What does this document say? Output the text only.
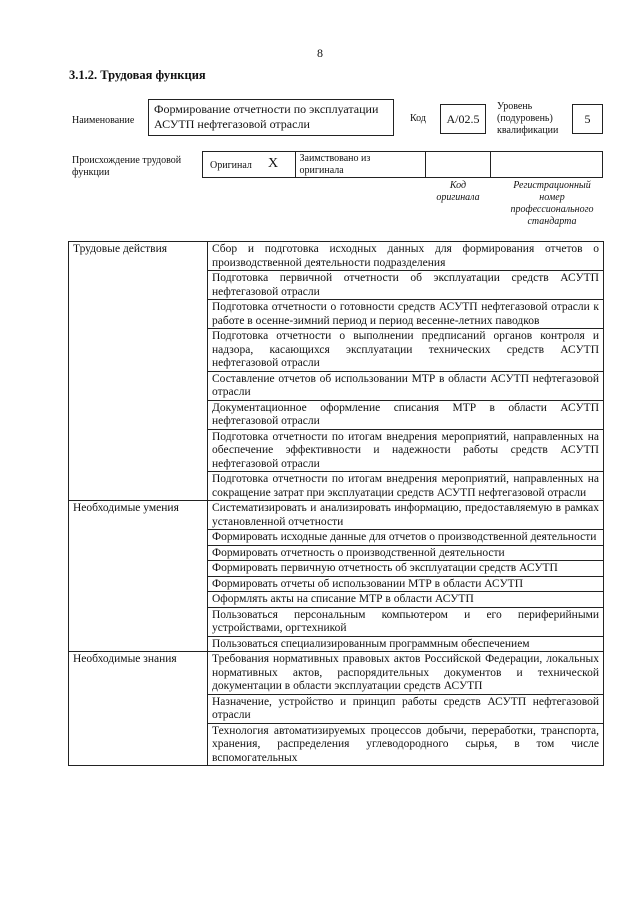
8
3.1.2. Трудовая функция
Наименование
Формирование отчетности по эксплуатации АСУТП нефтегазовой отрасли	Код	А/02.5
Уровень
(подуровень)
квалификации
5
Происхождение трудовой
функции
Оригинал X Заимствовано из
оригинала
Код
оригинала
Регистрационный
номер
профессионального
стандарта
Трудовые действия	Сбор и подготовка исходных данных для формирования отчетов о производственной деятельности подразделения
	Подготовка первичной отчетности об эксплуатации средств АСУТП нефтегазовой отрасли
	Подготовка отчетности о готовности средств АСУТП нефтегазовой отрасли к работе в осенне-зимний период и период весенне-летних паводков
	Подготовка отчетности о выполнении предписаний органов контроля и надзора, касающихся эксплуатации технических средств АСУТП нефтегазовой отрасли
	Составление отчетов об использовании МТР в области АСУТП нефтегазовой отрасли
	Документационное оформление списания МТР в области АСУТП нефтегазовой отрасли
	Подготовка отчетности по итогам внедрения мероприятий, направленных на обеспечение эффективности и надежности работы средств АСУТП нефтегазовой отрасли
	Подготовка отчетности по итогам внедрения мероприятий, направленных на сокращение затрат при эксплуатации средств АСУТП нефтегазовой отрасли
Необходимые умения	Систематизировать и анализировать информацию, предоставляемую в рамках установленной отчетности
	Формировать исходные данные для отчетов о производственной деятельности
	Формировать отчетность о производственной деятельности
	Формировать первичную отчетность об эксплуатации средств АСУТП
	Формировать отчеты об использовании МТР в области АСУТП
	Оформлять акты на списание МТР в области АСУТП
	Пользоваться персональным компьютером и его периферийными устройствами, оргтехникой
	Пользоваться специализированным программным обеспечением
Необходимые знания	Требования нормативных правовых актов Российской Федерации, локальных нормативных актов, распорядительных документов и технической документации в области эксплуатации средств АСУТП
	Назначение, устройство и принцип работы средств АСУТП нефтегазовой отрасли
	Технология автоматизируемых процессов добычи, переработки, транспорта, хранения, распределения углеводородного сырья, в том числе вспомогательных
